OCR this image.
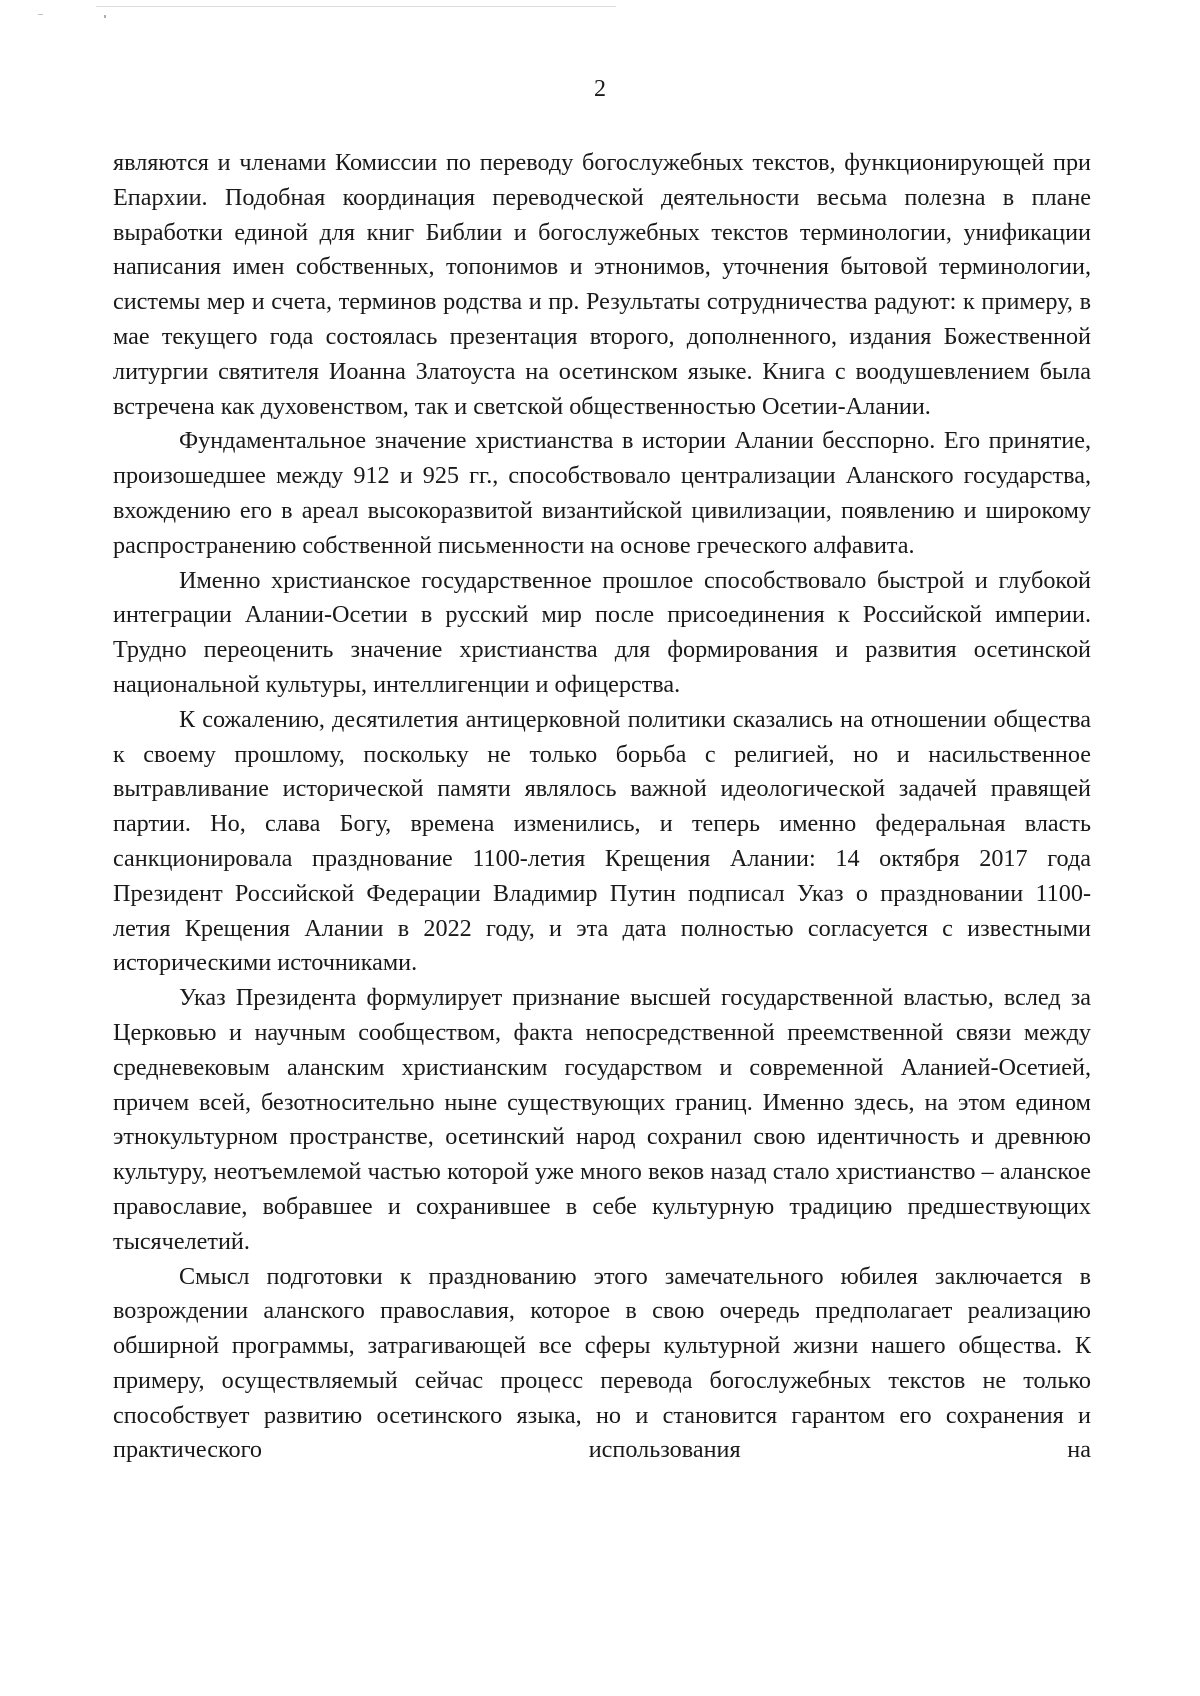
2

являются и членами Комиссии по переводу богослужебных текстов, функционирующей при Епархии. Подобная координация переводческой деятельности весьма полезна в плане выработки единой для книг Библии и богослужебных текстов терминологии, унификации написания имен собственных, топонимов и этнонимов, уточнения бытовой терминологии, системы мер и счета, терминов родства и пр. Результаты сотрудничества радуют: к примеру, в мае текущего года состоялась презентация второго, дополненного, издания Божественной литургии святителя Иоанна Златоуста на осетинском языке. Книга с воодушевлением была встречена как духовенством, так и светской общественностью Осетии-Алании.

Фундаментальное значение христианства в истории Алании бесспорно. Его принятие, произошедшее между 912 и 925 гг., способствовало централизации Аланского государства, вхождению его в ареал высокоразвитой византийской цивилизации, появлению и широкому распространению собственной письменности на основе греческого алфавита.

Именно христианское государственное прошлое способствовало быстрой и глубокой интеграции Алании-Осетии в русский мир после присоединения к Российской империи. Трудно переоценить значение христианства для формирования и развития осетинской национальной культуры, интеллигенции и офицерства.

К сожалению, десятилетия антицерковной политики сказались на отношении общества к своему прошлому, поскольку не только борьба с религией, но и насильственное вытравливание исторической памяти являлось важной идеологической задачей правящей партии. Но, слава Богу, времена изменились, и теперь именно федеральная власть санкционировала празднование 1100-летия Крещения Алании: 14 октября 2017 года Президент Российской Федерации Владимир Путин подписал Указ о праздновании 1100-летия Крещения Алании в 2022 году, и эта дата полностью согласуется с известными историческими источниками.

Указ Президента формулирует признание высшей государственной властью, вслед за Церковью и научным сообществом, факта непосредственной преемственной связи между средневековым аланским христианским государством и современной Аланией-Осетией, причем всей, безотносительно ныне существующих границ. Именно здесь, на этом едином этнокультурном пространстве, осетинский народ сохранил свою идентичность и древнюю культуру, неотъемлемой частью которой уже много веков назад стало христианство – аланское православие, вобравшее и сохранившее в себе культурную традицию предшествующих тысячелетий.

Смысл подготовки к празднованию этого замечательного юбилея заключается в возрождении аланского православия, которое в свою очередь предполагает реализацию обширной программы, затрагивающей все сферы культурной жизни нашего общества. К примеру, осуществляемый сейчас процесс перевода богослужебных текстов не только способствует развитию осетинского языка, но и становится гарантом его сохранения и практического использования на
